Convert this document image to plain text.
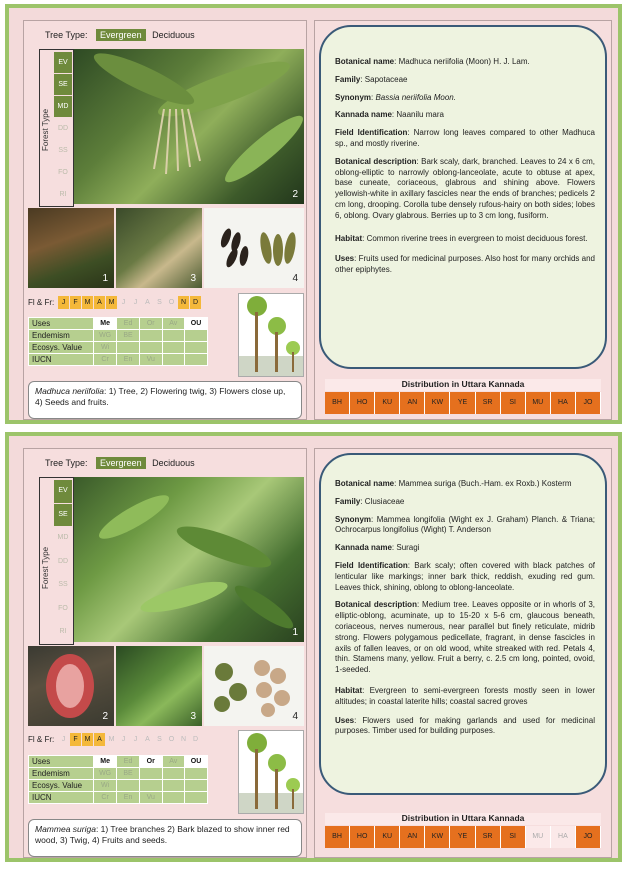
Tree Type: Evergreen Deciduous
Forest Type
EV
SE
MD
DD
SS
FO
RI	2
1	3	4
Fl & Fr:	J	F M A M	J	J	A	S O N D
Uses	Me	Ed	Or	Av	OU
Endemism	WG	BE			
Ecosys. Value	Wi				
IUCN	Cr	En	Vu		
Madhuca neriifolia: 1) Tree, 2) Flowering twig, 3) Flowers close up, 4) Seeds and fruits.

Botanical name: Madhuca neriifolia (Moon) H. J. Lam.

Family: Sapotaceae

Synonym: Bassia neriifolia Moon.

Kannada name: Naanilu mara

Field Identification: Narrow long leaves compared to other Madhuca sp., and mostly riverine.

Botanical description: Bark scaly, dark, branched. Leaves to 24 x 6 cm, oblong-elliptic to narrowly oblong-lanceolate, acute to obtuse at apex, base cuneate, coriaceous, glabrous and shining above. Flowers yellowish-white in axillary fascicles near the ends of branches; pedicels 2 cm long, drooping. Corolla tube densely rufous-hairy on both sides; lobes 6, oblong. Ovary glabrous. Berries up to 3 cm long, fusiform.

Habitat: Common riverine trees in evergreen to moist deciduous forest.

Uses: Fruits used for medicinal purposes. Also host for many orchids and other epiphytes.

Distribution in Uttara Kannada
BH	HO	KU	AN	KW	YE	SR	SI	MU	HA	JO
Tree Type: Evergreen Deciduous
Forest Type
EV
SE
MD
DD
SS
FO
RI	1
2	3	4
Fl & Fr:	J	F M A M	J	J	A	S O N D
Uses	Me	Ed	Or	Av	OU
Endemism	WG	BE			
Ecosys. Value	Wi				
IUCN	Cr	En	Vu		
Mammea suriga: 1) Tree branches 2) Bark blazed to show inner red wood, 3) Twig, 4) Fruits and seeds.

Botanical name: Mammea suriga (Buch.-Ham. ex Roxb.) Kosterm

Family: Clusiaceae

Synonym: Mammea longifolia (Wight ex J. Graham) Planch. & Triana; Ochrocarpus longifolius (Wight) T. Anderson

Kannada name: Suragi

Field Identification: Bark scaly; often covered with black patches of lenticular like markings; inner bark thick, reddish, exuding red gum. Leaves thick, shining, oblong to oblong-lanceolate.

Botanical description: Medium tree. Leaves opposite or in whorls of 3, elliptic-oblong, acuminate, up to 15-20 x 5-6 cm, glaucous beneath, coriaceous, nerves numerous, near parallel but finely reticulate, midrib strong. Flowers polygamous pedicellate, fragrant, in dense fascicles in axils of fallen leaves, or on old wood, white streaked with red. Petals 4, thin. Stamens many, yellow. Fruit a berry, c. 2.5 cm long, pointed, ovoid, 1-seeded.

Habitat: Evergreen to semi-evergreen forests mostly seen in lower altitudes; in coastal laterite hills; coastal sacred groves

Uses: Flowers used for making garlands and used for medicinal purposes. Timber used for building purposes.

Distribution in Uttara Kannada
BH	HO	KU	AN	KW	YE	SR	SI	MU	HA	JO
